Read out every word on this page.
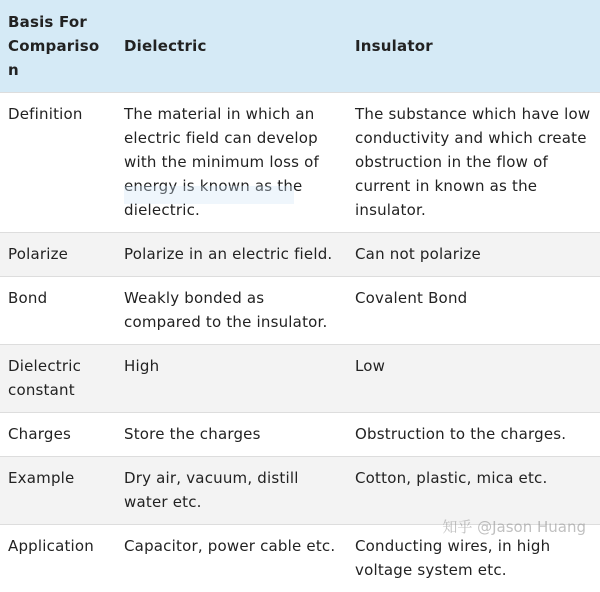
Basis For Comparison	Dielectric	Insulator
Definition	The material in which an electric field can develop with the minimum loss of energy is known as the dielectric.	The substance which have low conductivity and which create obstruction in the flow of current in known as the insulator.
Polarize	Polarize in an electric field.	Can not polarize
Bond	Weakly bonded as compared to the insulator.	Covalent Bond
Dielectric constant	High	Low
Charges	Store the charges	Obstruction to the charges.
Example	Dry air, vacuum, distill water etc.	Cotton, plastic, mica etc.
Application	Capacitor, power cable etc.	Conducting wires, in high voltage system etc.
知乎 @Jason Huang
